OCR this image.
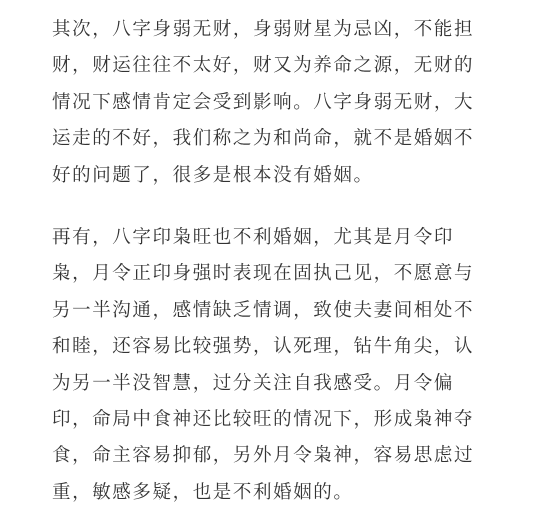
其次，八字身弱无财，身弱财星为忌凶，不能担
财，财运往往不太好，财又为养命之源，无财的
情况下感情肯定会受到影响。八字身弱无财，大
运走的不好，我们称之为和尚命，就不是婚姻不
好的问题了，很多是根本没有婚姻。

再有，八字印枭旺也不利婚姻，尤其是月令印
枭，月令正印身强时表现在固执己见，不愿意与
另一半沟通，感情缺乏情调，致使夫妻间相处不
和睦，还容易比较强势，认死理，钻牛角尖，认
为另一半没智慧，过分关注自我感受。月令偏
印，命局中食神还比较旺的情况下，形成枭神夺
食，命主容易抑郁，另外月令枭神，容易思虑过
重，敏感多疑，也是不利婚姻的。
